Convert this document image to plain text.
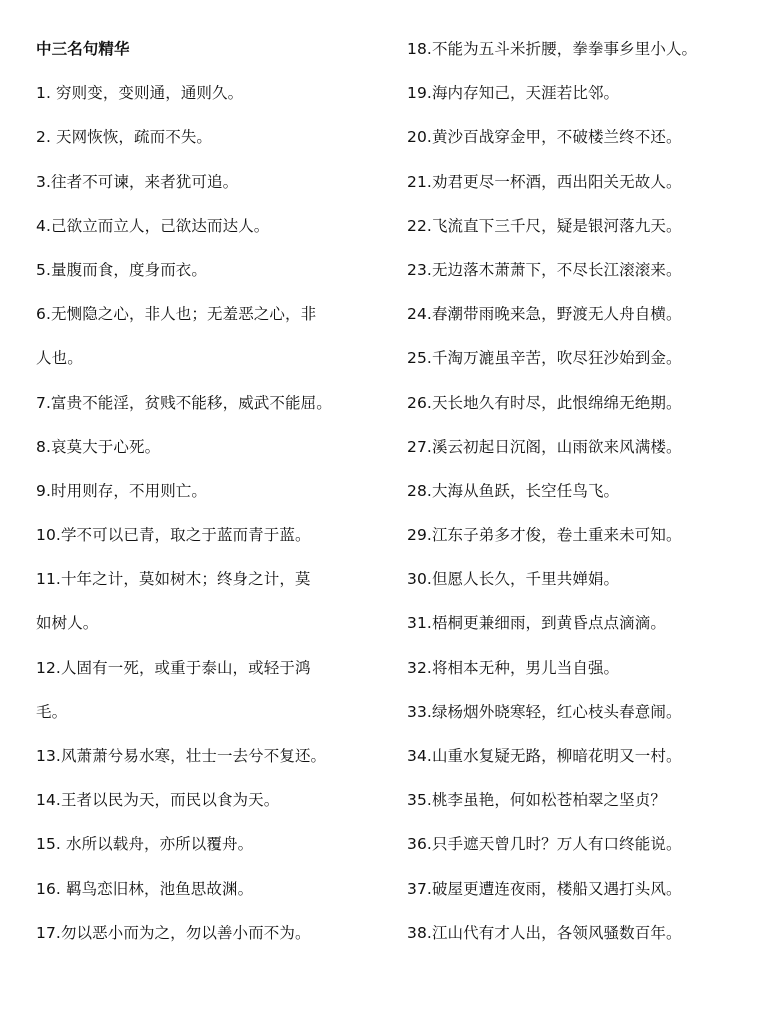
中三名句精华
1. 穷则变，变则通，通则久。
2. 天网恢恢，疏而不失。
3.往者不可谏，来者犹可追。
4.己欲立而立人，己欲达而达人。
5.量腹而食，度身而衣。
6.无恻隐之心，非人也；无羞恶之心，非
人也。
7.富贵不能淫，贫贱不能移，威武不能屈。
8.哀莫大于心死。
9.时用则存，不用则亡。
10.学不可以已青，取之于蓝而青于蓝。
11.十年之计，莫如树木；终身之计，莫
如树人。
12.人固有一死，或重于泰山，或轻于鸿
毛。
13.风萧萧兮易水寒，壮士一去兮不复还。
14.王者以民为天，而民以食为天。
15. 水所以载舟，亦所以覆舟。
16. 羁鸟恋旧林，池鱼思故渊。
17.勿以恶小而为之，勿以善小而不为。
18.不能为五斗米折腰，拳拳事乡里小人。
19.海内存知己，天涯若比邻。
20.黄沙百战穿金甲，不破楼兰终不还。
21.劝君更尽一杯酒，西出阳关无故人。
22.飞流直下三千尺，疑是银河落九天。
23.无边落木萧萧下，不尽长江滚滚来。
24.春潮带雨晚来急，野渡无人舟自横。
25.千淘万漉虽辛苦，吹尽狂沙始到金。
26.天长地久有时尽，此恨绵绵无绝期。
27.溪云初起日沉阁，山雨欲来风满楼。
28.大海从鱼跃，长空任鸟飞。
29.江东子弟多才俊，卷土重来未可知。
30.但愿人长久，千里共婵娟。
31.梧桐更兼细雨，到黄昏点点滴滴。
32.将相本无种，男儿当自强。
33.绿杨烟外晓寒轻，红心枝头春意闹。
34.山重水复疑无路，柳暗花明又一村。
35.桃李虽艳，何如松苍柏翠之坚贞？
36.只手遮天曾几时？万人有口终能说。
37.破屋更遭连夜雨，楼船又遇打头风。
38.江山代有才人出，各领风骚数百年。
